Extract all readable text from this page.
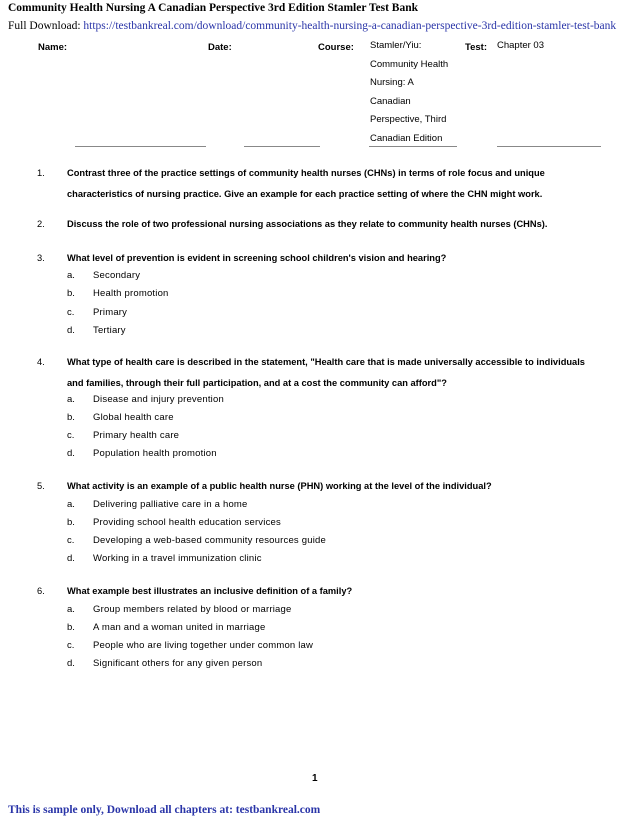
Community Health Nursing A Canadian Perspective 3rd Edition Stamler Test Bank
Full Download: https://testbankreal.com/download/community-health-nursing-a-canadian-perspective-3rd-edition-stamler-test-bank
Name:	Date:	Course: Stamler/Yiu:
Community Health
Nursing: A
Canadian
Perspective, Third
Canadian Edition
Test: Chapter 03
1. Contrast three of the practice settings of community health nurses (CHNs) in terms of role focus and unique characteristics of nursing practice. Give an example for each practice setting of where the CHN might work.
2. Discuss the role of two professional nursing associations as they relate to community health nurses (CHNs).
3. What level of prevention is evident in screening school children's vision and hearing?
a. Secondary
b. Health promotion
c. Primary
d. Tertiary
4. What type of health care is described in the statement, "Health care that is made universally accessible to individuals and families, through their full participation, and at a cost the community can afford"?
a. Disease and injury prevention
b. Global health care
c. Primary health care
d. Population health promotion
5. What activity is an example of a public health nurse (PHN) working at the level of the individual?
a. Delivering palliative care in a home
b. Providing school health education services
c. Developing a web-based community resources guide
d. Working in a travel immunization clinic
6. What example best illustrates an inclusive definition of a family?
a. Group members related by blood or marriage
b. A man and a woman united in marriage
c. People who are living together under common law
d. Significant others for any given person
1
This is sample only, Download all chapters at: testbankreal.com
